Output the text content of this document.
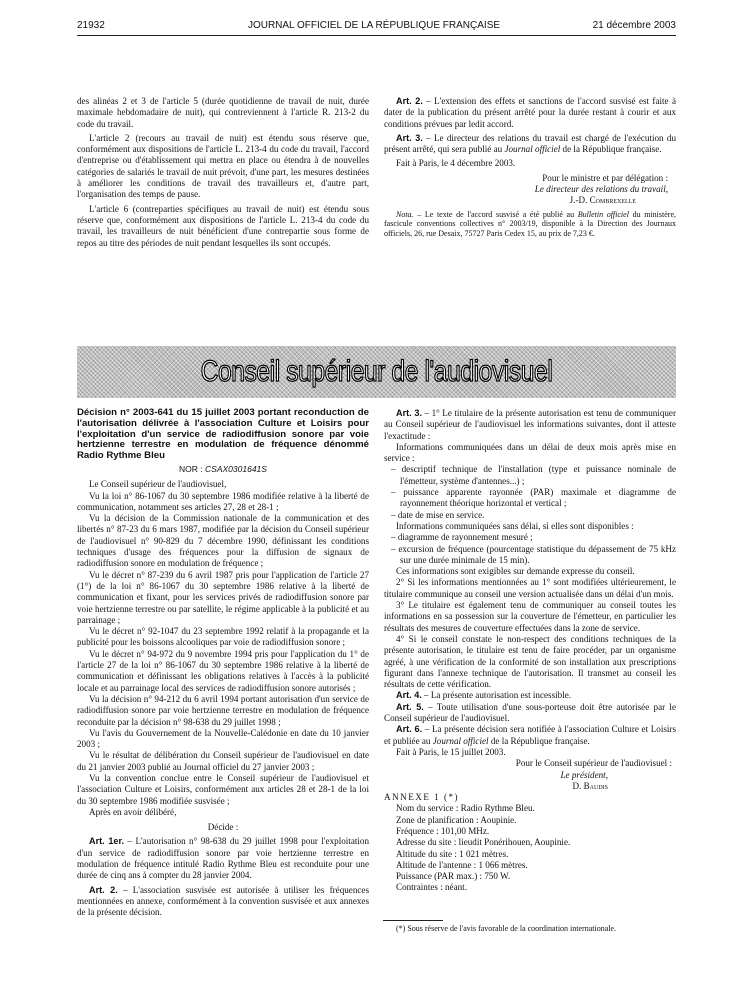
21932	JOURNAL OFFICIEL DE LA RÉPUBLIQUE FRANÇAISE	21 décembre 2003

des alinéas 2 et 3 de l'article 5 (durée quotidienne de travail de nuit, durée maximale hebdomadaire de nuit), qui contreviennent à l'article R. 213-2 du code du travail.

L'article 2 (recours au travail de nuit) est étendu sous réserve que, conformément aux dispositions de l'article L. 213-4 du code du travail, l'accord d'entreprise ou d'établissement qui mettra en place ou étendra à de nouvelles catégories de salariés le travail de nuit prévoit, d'une part, les mesures destinées à améliorer les conditions de travail des travailleurs et, d'autre part, l'organisation des temps de pause.

L'article 6 (contreparties spécifiques au travail de nuit) est étendu sous réserve que, conformément aux dispositions de l'article L. 213-4 du code du travail, les travailleurs de nuit bénéficient d'une contrepartie sous forme de repos au titre des périodes de nuit pendant lesquelles ils sont occupés.

Art. 2. – L'extension des effets et sanctions de l'accord susvisé est faite à dater de la publication du présent arrêté pour la durée restant à courir et aux conditions prévues par ledit accord.

Art. 3. – Le directeur des relations du travail est chargé de l'exécution du présent arrêté, qui sera publié au Journal officiel de la République française.

Fait à Paris, le 4 décembre 2003.

Pour le ministre et par délégation :

Le directeur des relations du travail,

J.-D. Combrexelle

Nota. – Le texte de l'accord susvisé a été publié au Bulletin officiel du ministère, fascicule conventions collectives n° 2003/19, disponible à la Direction des Journaux officiels, 26, rue Desaix, 75727 Paris Cedex 15, au prix de 7,23 €.

Conseil supérieur de l'audiovisuel
Décision n° 2003-641 du 15 juillet 2003 portant reconduction de l'autorisation délivrée à l'association Culture et Loisirs pour l'exploitation d'un service de radiodiffusion sonore par voie hertzienne terrestre en modulation de fréquence dénommé Radio Rythme Bleu
NOR : CSAX0301641S

Le Conseil supérieur de l'audiovisuel,

Vu la loi n° 86-1067 du 30 septembre 1986 modifiée relative à la liberté de communication, notamment ses articles 27, 28 et 28-1 ;

Vu la décision de la Commission nationale de la communication et des libertés n° 87-23 du 6 mars 1987, modifiée par la décision du Conseil supérieur de l'audiovisuel n° 90-829 du 7 décembre 1990, définissant les conditions techniques d'usage des fréquences pour la diffusion de signaux de radiodiffusion sonore en modulation de fréquence ;

Vu le décret n° 87-239 du 6 avril 1987 pris pour l'application de l'article 27 (1°) de la loi n° 86-1067 du 30 septembre 1986 relative à la liberté de communication et fixant, pour les services privés de radiodiffusion sonore par voie hertzienne terrestre ou par satellite, le régime applicable à la publicité et au parrainage ;

Vu le décret n° 92-1047 du 23 septembre 1992 relatif à la propagande et la publicité pour les boissons alcooliques par voie de radiodiffusion sonore ;

Vu le décret n° 94-972 du 9 novembre 1994 pris pour l'application du 1° de l'article 27 de la loi n° 86-1067 du 30 septembre 1986 relative à la liberté de communication et définissant les obligations relatives à l'accès à la publicité locale et au parrainage local des services de radiodiffusion sonore autorisés ;

Vu la décision n° 94-212 du 6 avril 1994 portant autorisation d'un service de radiodiffusion sonore par voie hertzienne terrestre en modulation de fréquence reconduite par la décision n° 98-638 du 29 juillet 1998 ;

Vu l'avis du Gouvernement de la Nouvelle-Calédonie en date du 10 janvier 2003 ;

Vu le résultat de délibération du Conseil supérieur de l'audiovisuel en date du 21 janvier 2003 publié au Journal officiel du 27 janvier 2003 ;

Vu la convention conclue entre le Conseil supérieur de l'audiovisuel et l'association Culture et Loisirs, conformément aux articles 28 et 28-1 de la loi du 30 septembre 1986 modifiée susvisée ;

Après en avoir délibéré,

Décide :

Art. 1er. – L'autorisation n° 98-638 du 29 juillet 1998 pour l'exploitation d'un service de radiodiffusion sonore par voie hertzienne terrestre en modulation de fréquence intitulé Radio Rythme Bleu est reconduite pour une durée de cinq ans à compter du 28 janvier 2004.

Art. 2. – L'association susvisée est autorisée à utiliser les fréquences mentionnées en annexe, conformément à la convention susvisée et aux annexes de la présente décision.

Art. 3. – 1° Le titulaire de la présente autorisation est tenu de communiquer au Conseil supérieur de l'audiovisuel les informations suivantes, dont il atteste l'exactitude :

Informations communiquées dans un délai de deux mois après mise en service :

– descriptif technique de l'installation (type et puissance nominale de l'émetteur, système d'antennes...) ;
– puissance apparente rayonnée (PAR) maximale et diagramme de rayonnement théorique horizontal et vertical ;
– date de mise en service.

Informations communiquées sans délai, si elles sont disponibles :

– diagramme de rayonnement mesuré ;
– excursion de fréquence (pourcentage statistique du dépassement de 75 kHz sur une durée minimale de 15 min).

Ces informations sont exigibles sur demande expresse du conseil.

2° Si les informations mentionnées au 1° sont modifiées ultérieurement, le titulaire communique au conseil une version actualisée dans un délai d'un mois.

3° Le titulaire est également tenu de communiquer au conseil toutes les informations en sa possession sur la couverture de l'émetteur, en particulier les résultats des mesures de couverture effectuées dans la zone de service.

4° Si le conseil constate le non-respect des conditions techniques de la présente autorisation, le titulaire est tenu de faire procéder, par un organisme agréé, à une vérification de la conformité de son installation aux prescriptions figurant dans l'annexe technique de l'autorisation. Il transmet au conseil les résultats de cette vérification.

Art. 4. – La présente autorisation est incessible.

Art. 5. – Toute utilisation d'une sous-porteuse doit être autorisée par le Conseil supérieur de l'audiovisuel.

Art. 6. – La présente décision sera notifiée à l'association Culture et Loisirs et publiée au Journal officiel de la République française.

Fait à Paris, le 15 juillet 2003.

Pour le Conseil supérieur de l'audiovisuel :

Le président,

D. Baudis

ANNEXE 1 (*)

Nom du service : Radio Rythme Bleu.

Zone de planification : Aoupinie.

Fréquence : 101,00 MHz.

Adresse du site : lieudit Ponérihouen, Aoupinie.

Altitude du site : 1 021 mètres.

Altitude de l'antenne : 1 066 mètres.

Puissance (PAR max.) : 750 W.

Contraintes : néant.

(*) Sous réserve de l'avis favorable de la coordination internationale.
